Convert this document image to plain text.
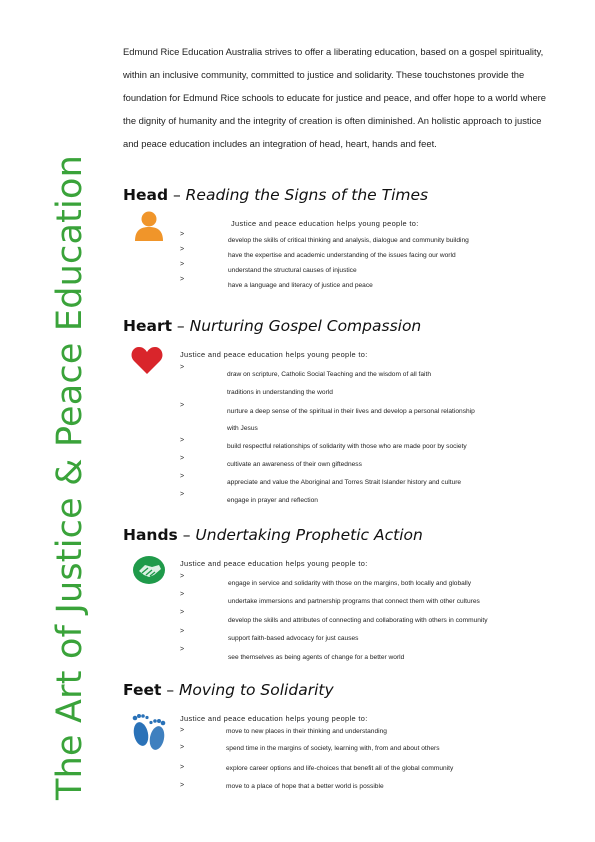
The Art of Justice & Peace Education

Edmund Rice Education Australia strives to offer a liberating education, based on a gospel spirituality, within an inclusive community, committed to justice and solidarity. These touchstones provide the foundation for Edmund Rice schools to educate for justice and peace, and offer hope to a world where the dignity of humanity and the integrity of creation is often diminished. An holistic approach to justice and peace education includes an integration of head, heart, hands and feet.

Head – Reading the Signs of the Times
Justice and peace education helps young people to:
>
develop the skills of critical thinking and analysis, dialogue and community building
>
have the expertise and academic understanding of the issues facing our world
>
understand the structural causes of injustice
>
have a language and literacy of justice and peace
Heart – Nurturing Gospel Compassion
Justice and peace education helps young people to:
>
draw on scripture, Catholic Social Teaching and the wisdom of all faith
traditions in understanding the world
>
nurture a deep sense of the spiritual in their lives and develop a personal relationship
with Jesus
>
build respectful relationships of solidarity with those who are made poor by society
>
cultivate an awareness of their own giftedness
>
appreciate and value the Aboriginal and Torres Strait Islander history and culture
>
engage in prayer and reflection
Hands – Undertaking Prophetic Action
Justice and peace education helps young people to:
>
engage in service and solidarity with those on the margins, both locally and globally
>
undertake immersions and partnership programs that connect them with other cultures
>
develop the skills and attributes of connecting and collaborating with others in community
>
support faith-based advocacy for just causes
>
see themselves as being agents of change for a better world
Feet – Moving to Solidarity
Justice and peace education helps young people to:
>	move to new places in their thinking and understanding
>	spend time in the margins of society, learning with, from and about others
>	explore career options and life-choices that benefit all of the global community
>	move to a place of hope that a better world is possible
